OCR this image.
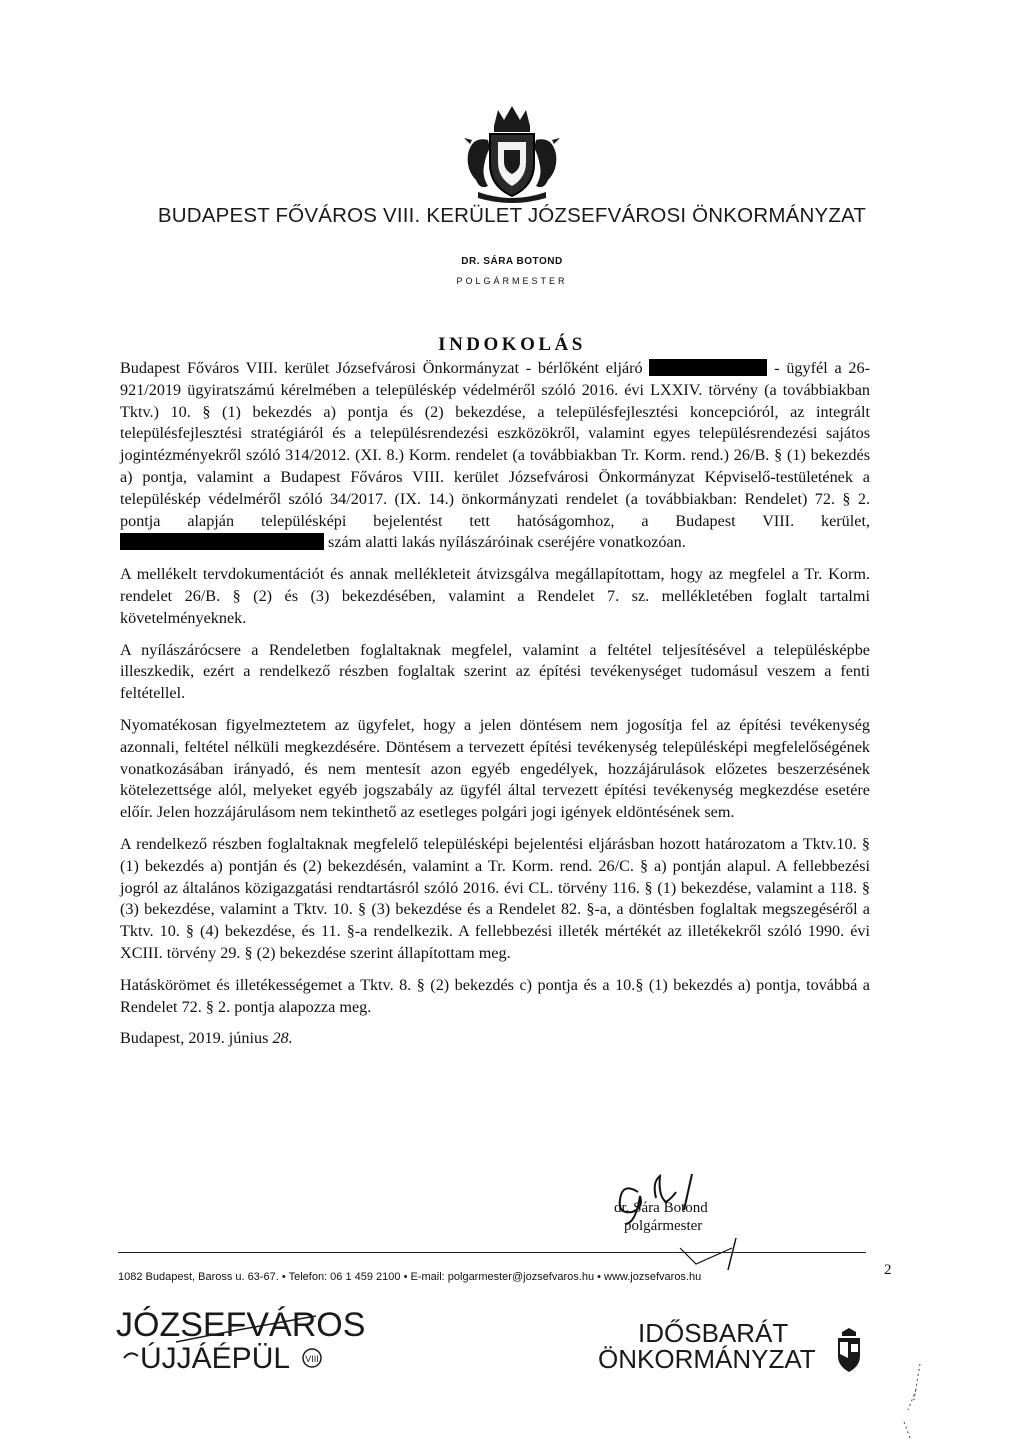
BUDAPEST FŐVÁROS VIII. KERÜLET JÓZSEFVÁROSI ÖNKORMÁNYZAT
DR. SÁRA BOTOND
POLGÁRMESTER
INDOKOLÁS

Budapest Főváros VIII. kerület Józsefvárosi Önkormányzat - bérlőként eljáró	- ügyfél a 26-921/2019 ügyiratszámú kérelmében a településkép védelméről szóló 2016. évi LXXIV. törvény (a továbbiakban Tktv.) 10. § (1) bekezdés a) pontja és (2) bekezdése, a településfejlesztési koncepcióról, az integrált településfejlesztési stratégiáról és a településrendezési eszközökről, valamint egyes településrendezési sajátos jogintézményekről szóló 314/2012. (XI. 8.) Korm. rendelet (a továbbiakban Tr. Korm. rend.) 26/B. § (1) bekezdés a) pontja, valamint a Budapest Főváros VIII. kerület Józsefvárosi Önkormányzat Képviselő-testületének a településkép védelméről szóló 34/2017. (IX. 14.) önkormányzati rendelet (a továbbiakban: Rendelet) 72. § 2. pontja alapján településképi bejelentést tett hatóságomhoz, a Budapest VIII. kerület,  szám alatti lakás nyílászáróinak cseréjére vonatkozóan.

A mellékelt tervdokumentációt és annak mellékleteit átvizsgálva megállapítottam, hogy az megfelel a Tr. Korm. rendelet 26/B. § (2) és (3) bekezdésében, valamint a Rendelet 7. sz. mellékletében foglalt tartalmi követelményeknek.

A nyílászárócsere a Rendeletben foglaltaknak megfelel, valamint a feltétel teljesítésével a településképbe illeszkedik, ezért a rendelkező részben foglaltak szerint az építési tevékenységet tudomásul veszem a fenti feltétellel.

Nyomatékosan figyelmeztetem az ügyfelet, hogy a jelen döntésem nem jogosítja fel az építési tevékenység azonnali, feltétel nélküli megkezdésére. Döntésem a tervezett építési tevékenység településképi megfelelőségének vonatkozásában irányadó, és nem mentesít azon egyéb engedélyek, hozzájárulások előzetes beszerzésének kötelezettsége alól, melyeket egyéb jogszabály az ügyfél által tervezett építési tevékenység megkezdése esetére előír. Jelen hozzájárulásom nem tekinthető az esetleges polgári jogi igények eldöntésének sem.

A rendelkező részben foglaltaknak megfelelő településképi bejelentési eljárásban hozott határozatom a Tktv.10. § (1) bekezdés a) pontján és (2) bekezdésén, valamint a Tr. Korm. rend. 26/C. § a) pontján alapul. A fellebbezési jogról az általános közigazgatási rendtartásról szóló 2016. évi CL. törvény 116. § (1) bekezdése, valamint a 118. § (3) bekezdése, valamint a Tktv. 10. § (3) bekezdése és a Rendelet 82. §-a, a döntésben foglaltak megszegéséről a Tktv. 10. § (4) bekezdése, és 11. §-a rendelkezik. A fellebbezési illeték mértékét az illetékekről szóló 1990. évi XCIII. törvény 29. § (2) bekezdése szerint állapítottam meg.

Hatáskörömet és illetékességemet a Tktv. 8. § (2) bekezdés c) pontja és a 10.§ (1) bekezdés a) pontja, továbbá a Rendelet 72. § 2. pontja alapozza meg.

Budapest, 2019. június 28.

dr. Sára Botond
polgármester
1082 Budapest, Baross u. 63-67. • Telefon: 06 1 459 2100 • E-mail: polgarmester@jozsefvaros.hu • www.jozsefvaros.hu	2
JÓZSEFVÁROS
ÚJJÁÉPÜL VIII
IDŐSBARÁT
ÖNKORMÁNYZAT
